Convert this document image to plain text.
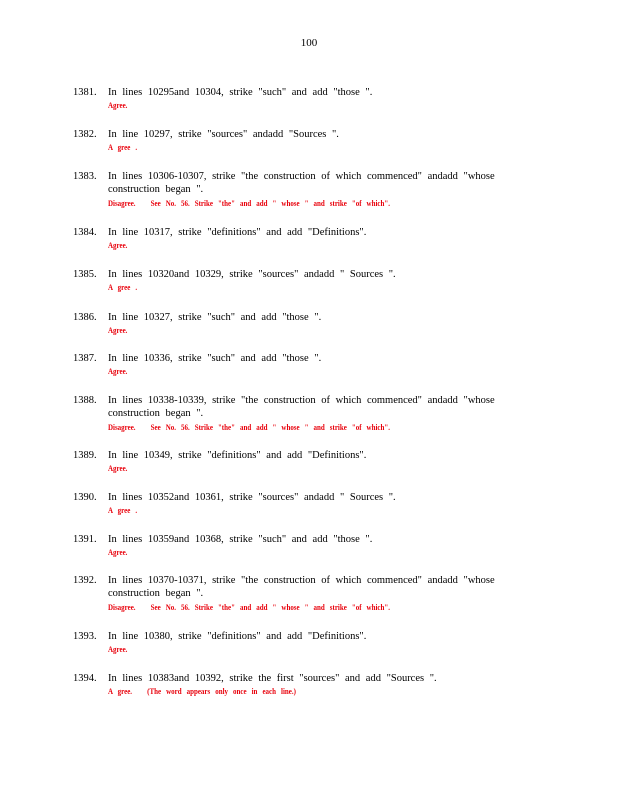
100
1381. In lines 10295and 10304, strike "such" and add "those ".
Agree.
1382. In line 10297, strike "sources" andadd "Sources ".
A gree .
1383. In lines 10306-10307, strike "the construction of which commenced" andadd "whose
construction began ".
Disagree.   See No. 56. Strike "the" and add " whose " and strike "of which".
1384. In line 10317, strike "definitions" and add "Definitions".
Agree.
1385. In lines 10320and 10329, strike "sources" andadd " Sources ".
A gree .
1386. In line 10327, strike "such" and add "those ".
Agree.
1387. In line 10336, strike "such" and add "those ".
Agree.
1388. In lines 10338-10339, strike "the construction of which commenced" andadd "whose
construction began ".
Disagree.   See No. 56. Strike "the" and add " whose " and strike "of which".
1389. In line 10349, strike "definitions" and add "Definitions".
Agree.
1390. In lines 10352and 10361, strike "sources" andadd " Sources ".
A gree .
1391. In lines 10359and 10368, strike "such" and add "those ".
Agree.
1392. In lines 10370-10371, strike "the construction of which commenced" andadd "whose
construction began ".
Disagree.   See No. 56. Strike "the" and add " whose " and strike "of which".
1393. In line 10380, strike "definitions" and add "Definitions".
Agree.
1394. In lines 10383and 10392, strike the first "sources" and add "Sources ".
A gree.   (The word appears only once in each line.)
